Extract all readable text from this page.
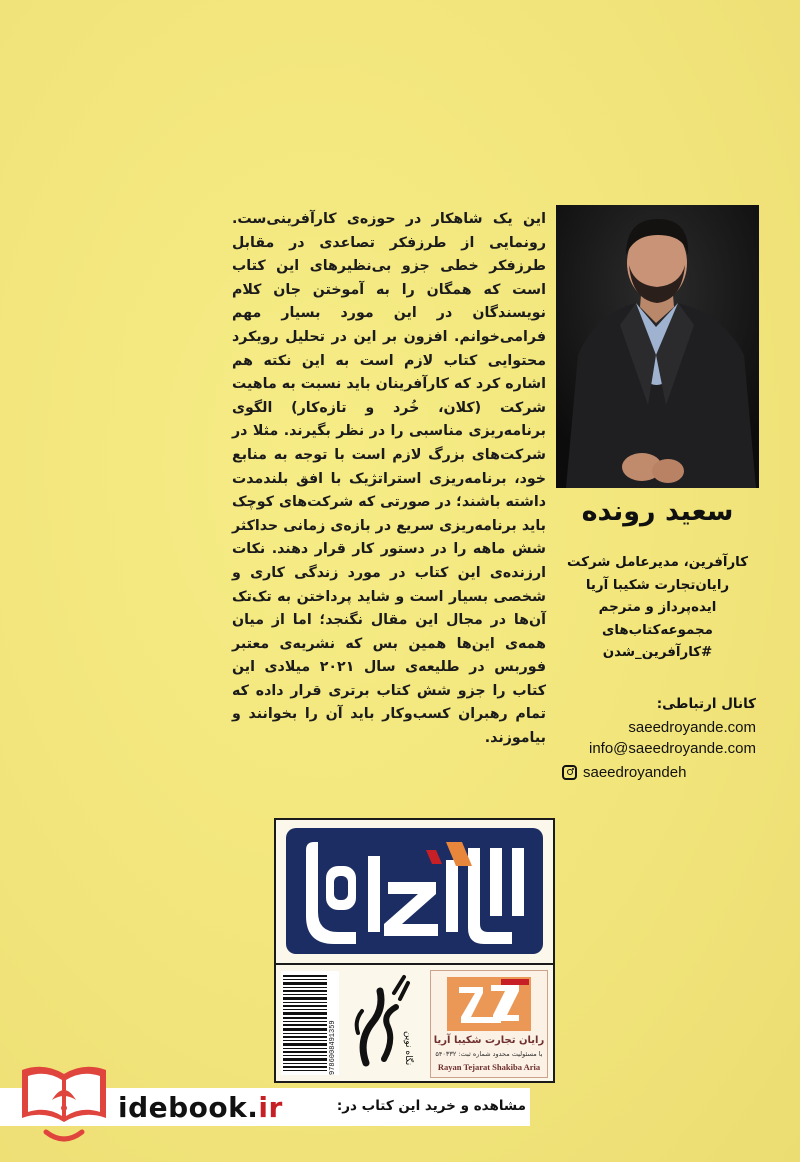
این یک شاهکار در حوزه‌ی کارآفرینی‌ست. رونمایی از طرزفکر تصاعدی در مقابل طرزفکر خطی جزو بی‌نظیرهای این کتاب است که همگان را به آموختن جان کلام نویسندگان در این مورد بسیار مهم فرامی‌خوانم. افزون بر این در تحلیل رویکرد محتوایی کتاب لازم است به این نکته هم اشاره کرد که کارآفرینان باید نسبت به ماهیت شرکت (کلان، خُرد و تازه‌کار) الگوی برنامه‌ریزی مناسبی را در نظر بگیرند. مثلا در شرکت‌های بزرگ لازم است با توجه به منابع خود، برنامه‌ریزی استراتژیک با افق بلندمدت داشته باشند؛ در صورتی که شرکت‌های کوچک باید برنامه‌ریزی سریع در بازه‌ی زمانی حداکثر شش ماهه را در دستور کار قرار دهند. نکات ارزنده‌ی این کتاب در مورد زندگی کاری و شخصی بسیار است و شاید پرداختن به تک‌تک آن‌ها در مجال این مقال نگنجد؛ اما از میان همه‌ی این‌ها همین بس که نشریه‌ی معتبر فوربس در طلیعه‌ی سال ۲۰۲۱ میلادی این کتاب را جزو شش کتاب برتری قرار داده که تمام رهبران کسب‌وکار باید آن را بخوانند و بیاموزند.
سعید رونده
کارآفرین، مدیرعامل شرکت
رایان‌تجارت شکیبا آریا
ایده‌پرداز و مترجم
مجموعه‌کتاب‌های
#کارآفرین_شدن
کانال ارتباطی:
saeedroyande.com
info@saeedroyande.com
saeedroyandeh
9786008491359	نگاه نوین	رایان تجارت شکیبا آریا
با مسئولیت محدود شماره ثبت: ۵۴۰۳۳۲
Rayan Tejarat Shakiba Aria
idebook.ir	مشاهده و خرید این کتاب در:
